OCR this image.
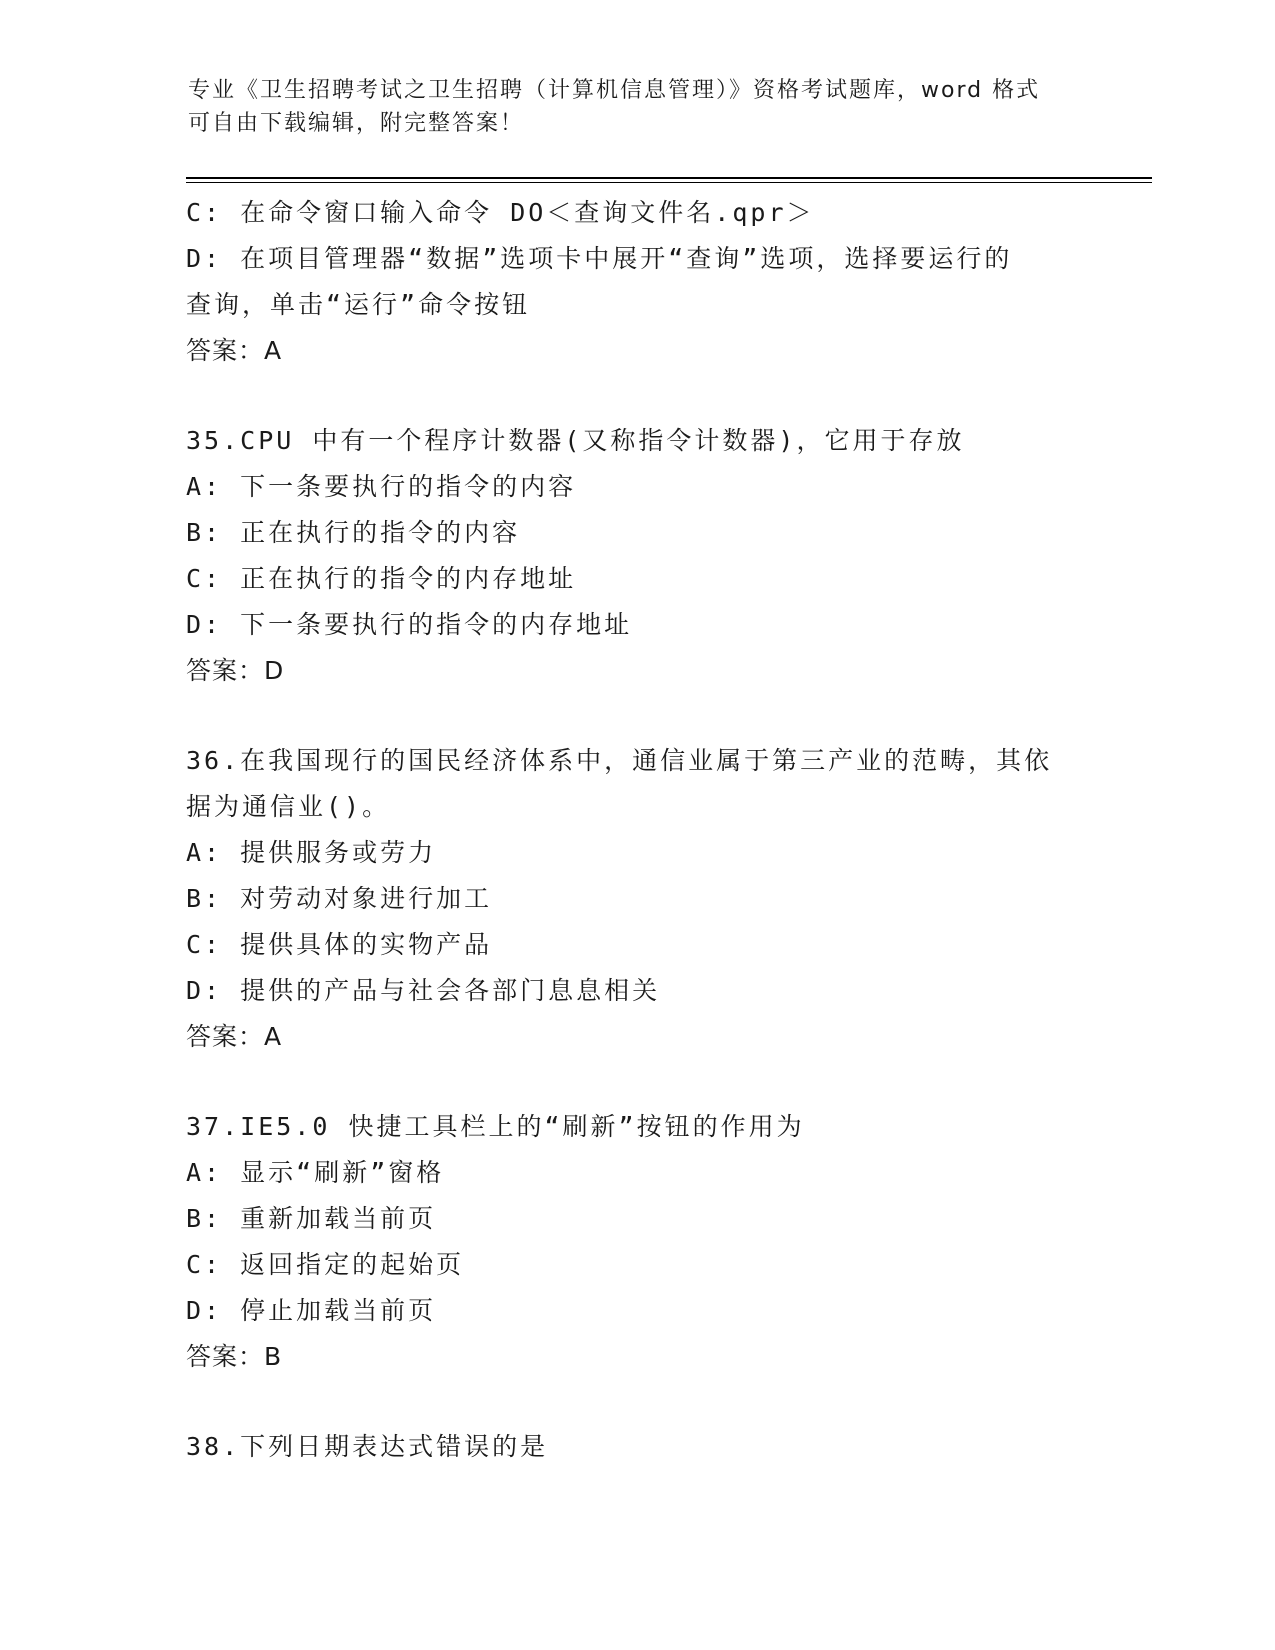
专业《卫生招聘考试之卫生招聘（计算机信息管理）》资格考试题库，word 格式
可自由下载编辑，附完整答案！
C: 在命令窗口输入命令 DO＜查询文件名.qpr＞
D: 在项目管理器“数据”选项卡中展开“查询”选项，选择要运行的
查询，单击“运行”命令按钮
答案：A
35.CPU 中有一个程序计数器(又称指令计数器)，它用于存放
A: 下一条要执行的指令的内容
B: 正在执行的指令的内容
C: 正在执行的指令的内存地址
D: 下一条要执行的指令的内存地址
答案：D
36.在我国现行的国民经济体系中，通信业属于第三产业的范畴，其依
据为通信业()。
A: 提供服务或劳力
B: 对劳动对象进行加工
C: 提供具体的实物产品
D: 提供的产品与社会各部门息息相关
答案：A
37.IE5.0 快捷工具栏上的“刷新”按钮的作用为
A: 显示“刷新”窗格
B: 重新加载当前页
C: 返回指定的起始页
D: 停止加载当前页
答案：B
38.下列日期表达式错误的是
